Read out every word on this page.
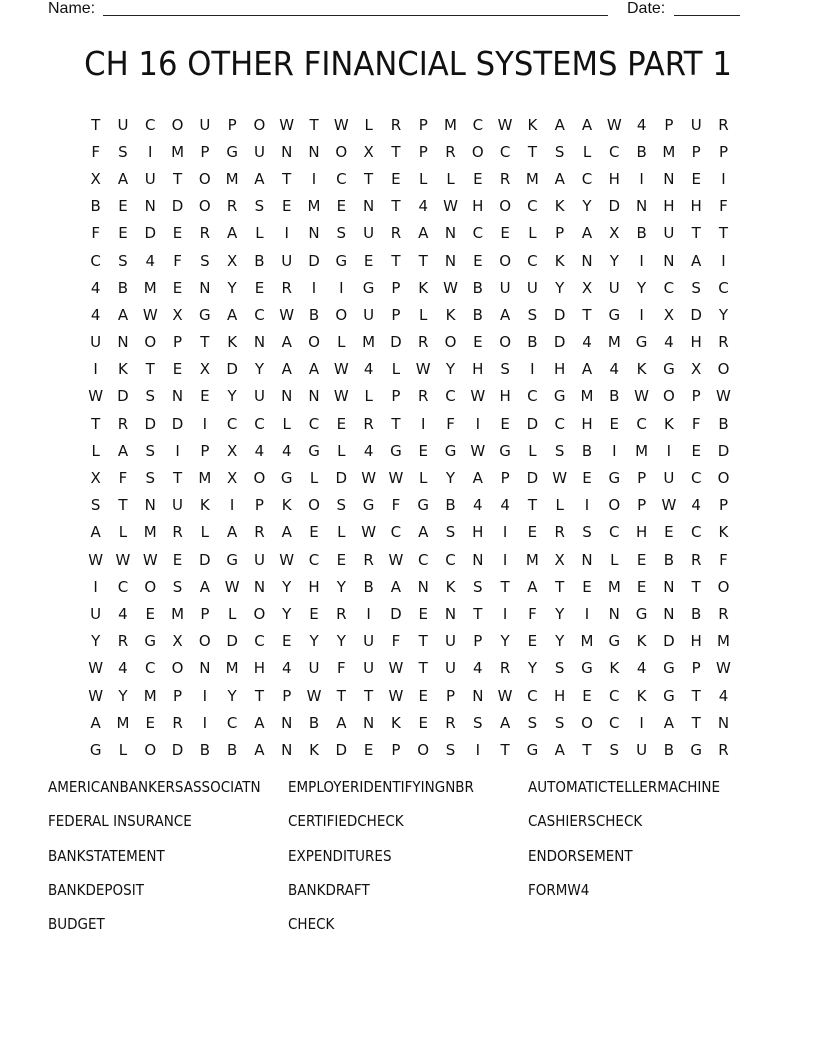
Name:	Date:
CH 16 OTHER FINANCIAL SYSTEMS PART 1
T	U	C	O	U	P	O W	T	W	L	R	P	M	C W K	A	A W	4	P	U	R
F	S	I	M	P	G	U	N	N	O	X	T	P	R	O	C	T	S	L	C	B	M	P	P
X	A	U	T	O M	A	T	I	C	T	E	L	L	E	R	M	A	C	H	I	N	E	I
B	E	N	D	O	R	S	E	M	E	N	T	4	W H	O	C	K	Y	D	N	H	H	F
F	E	D	E	R	A	L	I	N	S	U	R	A	N	C	E	L	P	A	X	B	U	T	T
C	S	4	F	S	X	B	U	D	G	E	T	T	N	E	O	C	K	N	Y	I	N	A	I
4	B	M	E	N	Y	E	R	I	I	G	P	K W B	U	U	Y	X	U	Y	C	S	C
4	A W X	G	A	C W B	O	U	P	L	K	B	A	S	D	T	G	I	X	D	Y
U	N	O	P	T	K	N	A	O	L	M	D	R	O	E	O	B	D	4	M	G	4	H	R
I	K	T	E	X	D	Y	A	A W	4	L	W	Y	H	S	I	H	A	4	K	G	X	O
W D	S	N	E	Y	U	N	N W	L	P	R	C W H	C	G	M	B W O	P	W
T	R	D	D	I	C	C	L	C	E	R	T	I	F	I	E	D	C	H	E	C	K	F	B
L	A	S	I	P	X	4	4	G	L	4	G	E	G W G	L	S	B	I	M	I	E	D
X	F	S	T	M	X	O	G	L	D W W	L	Y	A	P	D W	E	G	P	U	C	O
S	T	N	U	K	I	P	K	O	S	G	F	G	B	4	4	T	L	I	O	P	W	4	P
A	L	M	R	L	A	R	A	E	L	W C	A	S	H	I	E	R	S	C	H	E	C	K
W W W	E	D	G	U W C	E	R W C	C	N	I	M	X	N	L	E	B	R	F
I	C	O	S	A W N	Y	H	Y	B	A	N	K	S	T	A	T	E	M	E	N	T	O
U	4	E	M	P	L	O	Y	E	R	I	D	E	N	T	I	F	Y	I	N	G	N	B	R
Y	R	G	X	O	D	C	E	Y	Y	U	F	T	U	P	Y	E	Y	M	G	K	D	H	M
W	4	C	O	N	M	H	4	U	F	U W	T	U	4	R	Y	S	G	K	4	G	P	W
W	Y	M	P	I	Y	T	P	W	T	T	W	E	P	N W C	H	E	C	K	G	T	4
A	M	E	R	I	C	A	N	B	A	N	K	E	R	S	A	S	S	O	C	I	A	T	N
G	L	O	D	B	B	A	N	K	D	E	P	O	S	I	T	G	A	T	S	U	B	G	R
AMERICANBANKERSASSOCIATN EMPLOYERIDENTIFYINGNBR	AUTOMATICTELLERMACHINE
FEDERAL INSURANCE	CERTIFIEDCHECK	CASHIERSCHECK
BANKSTATEMENT	EXPENDITURES	ENDORSEMENT
BANKDEPOSIT	BANKDRAFT	FORMW4
BUDGET	CHECK
